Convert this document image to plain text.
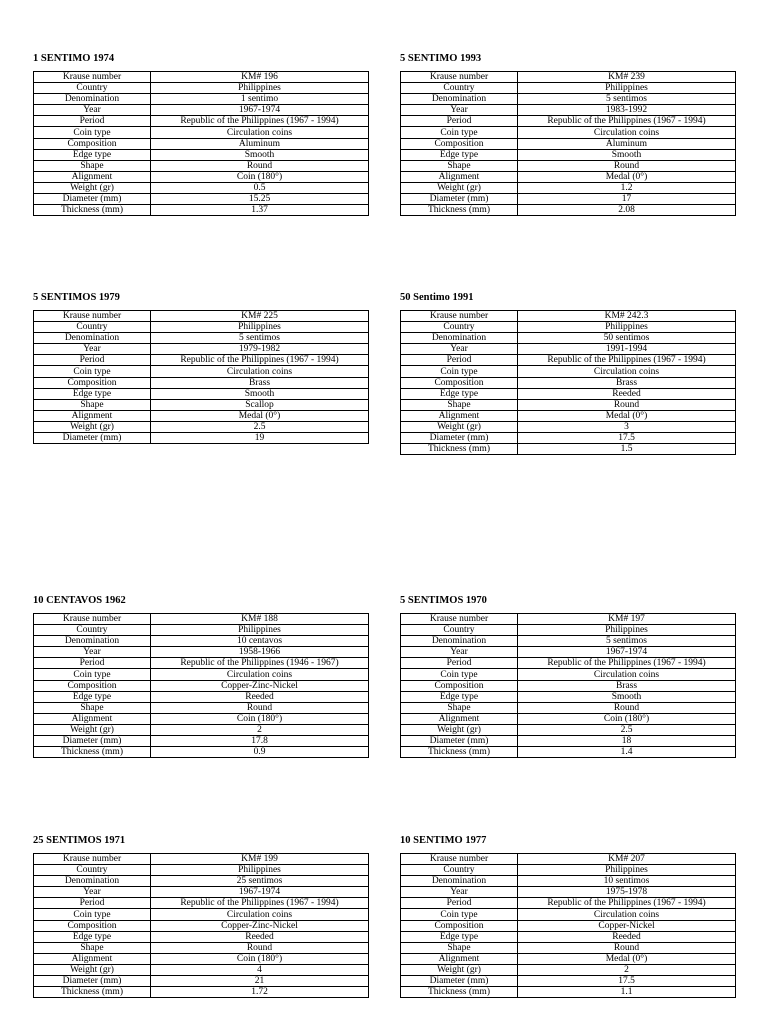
1 SENTIMO 1974
Krause number	KM# 196
Country	Philippines
Denomination	1 sentimo
Year	1967-1974
Period	Republic of the Philippines (1967 - 1994)
Coin type	Circulation coins
Composition	Aluminum
Edge type	Smooth
Shape	Round
Alignment	Coin (180°)
Weight (gr)	0.5
Diameter (mm)	15.25
Thickness (mm)	1.37
5 SENTIMO 1993
Krause number	KM# 239
Country	Philippines
Denomination	5 sentimos
Year	1983-1992
Period	Republic of the Philippines (1967 - 1994)
Coin type	Circulation coins
Composition	Aluminum
Edge type	Smooth
Shape	Round
Alignment	Medal (0°)
Weight (gr)	1.2
Diameter (mm)	17
Thickness (mm)	2.08
5 SENTIMOS 1979
Krause number	KM# 225
Country	Philippines
Denomination	5 sentimos
Year	1979-1982
Period	Republic of the Philippines (1967 - 1994)
Coin type	Circulation coins
Composition	Brass
Edge type	Smooth
Shape	Scallop
Alignment	Medal (0°)
Weight (gr)	2.5
Diameter (mm)	19
50 Sentimo 1991
Krause number	KM# 242.3
Country	Philippines
Denomination	50 sentimos
Year	1991-1994
Period	Republic of the Philippines (1967 - 1994)
Coin type	Circulation coins
Composition	Brass
Edge type	Reeded
Shape	Round
Alignment	Medal (0°)
Weight (gr)	3
Diameter (mm)	17.5
Thickness (mm)	1.5
10 CENTAVOS 1962
Krause number	KM# 188
Country	Philippines
Denomination	10 centavos
Year	1958-1966
Period	Republic of the Philippines (1946 - 1967)
Coin type	Circulation coins
Composition	Copper-Zinc-Nickel
Edge type	Reeded
Shape	Round
Alignment	Coin (180°)
Weight (gr)	2
Diameter (mm)	17.8
Thickness (mm)	0.9
5 SENTIMOS 1970
Krause number	KM# 197
Country	Philippines
Denomination	5 sentimos
Year	1967-1974
Period	Republic of the Philippines (1967 - 1994)
Coin type	Circulation coins
Composition	Brass
Edge type	Smooth
Shape	Round
Alignment	Coin (180°)
Weight (gr)	2.5
Diameter (mm)	18
Thickness (mm)	1.4
25 SENTIMOS 1971
Krause number	KM# 199
Country	Philippines
Denomination	25 sentimos
Year	1967-1974
Period	Republic of the Philippines (1967 - 1994)
Coin type	Circulation coins
Composition	Copper-Zinc-Nickel
Edge type	Reeded
Shape	Round
Alignment	Coin (180°)
Weight (gr)	4
Diameter (mm)	21
Thickness (mm)	1.72
10 SENTIMO 1977
Krause number	KM# 207
Country	Philippines
Denomination	10 sentimos
Year	1975-1978
Period	Republic of the Philippines (1967 - 1994)
Coin type	Circulation coins
Composition	Copper-Nickel
Edge type	Reeded
Shape	Round
Alignment	Medal (0°)
Weight (gr)	2
Diameter (mm)	17.5
Thickness (mm)	1.1
